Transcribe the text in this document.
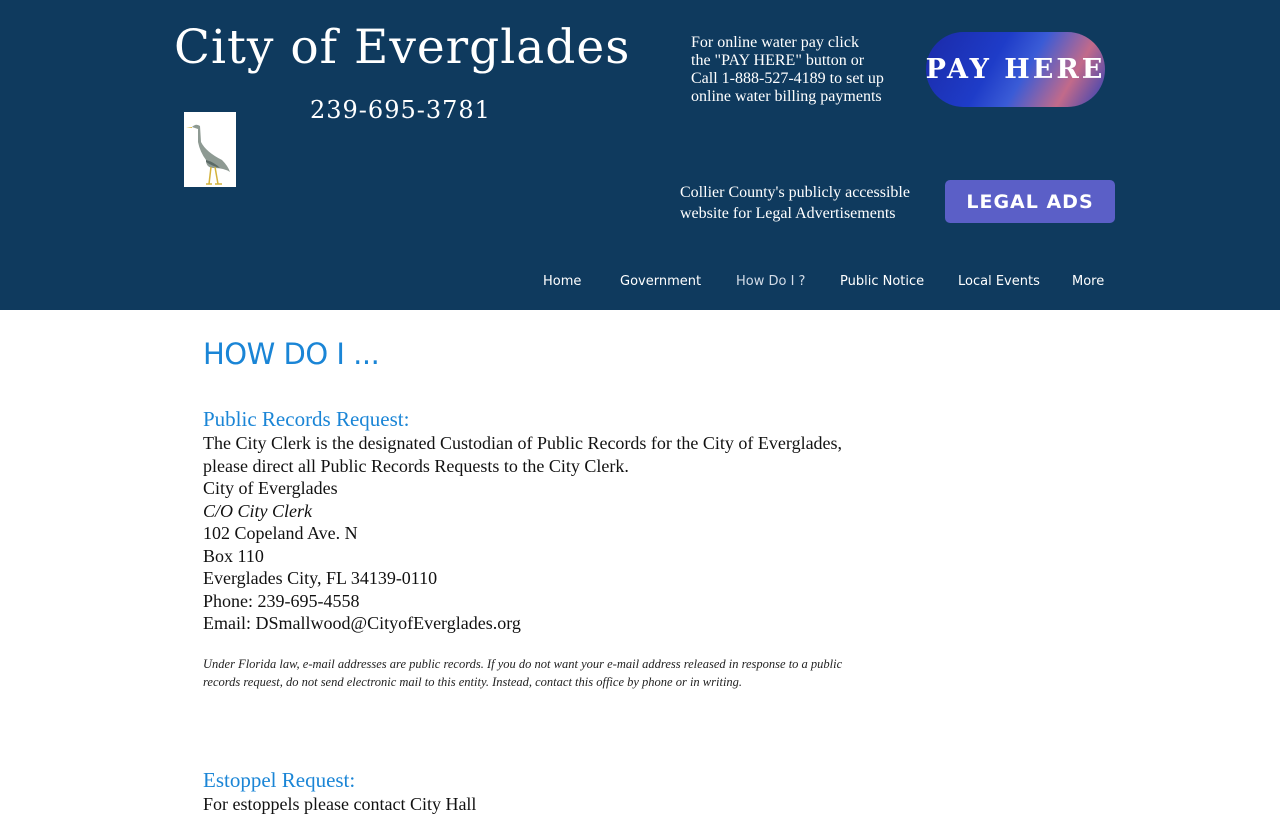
City of Everglades
239-695-3781
For online water pay click
the "PAY HERE" button or
Call 1-888-527-4189 to set up
online water billing payments
PAY HERE
Collier County's publicly accessible
website for Legal Advertisements
LEGAL ADS
Home	Government	How Do I ?	Public Notice	Local Events More
HOW DO I ...
Public Records Request:
The City Clerk is the designated Custodian of Public Records for the City of Everglades,
please direct all Public Records Requests to the City Clerk.
City of Everglades
C/O City Clerk
102 Copeland Ave. N
Box 110
Everglades City, FL 34139-0110
Phone: 239-695-4558
Email: DSmallwood@CityofEverglades.org
Under Florida law, e-mail addresses are public records. If you do not want your e-mail address released in response to a public
records request, do not send electronic mail to this entity. Instead, contact this office by phone or in writing.
Estoppel Request:
For estoppels please contact City Hall
